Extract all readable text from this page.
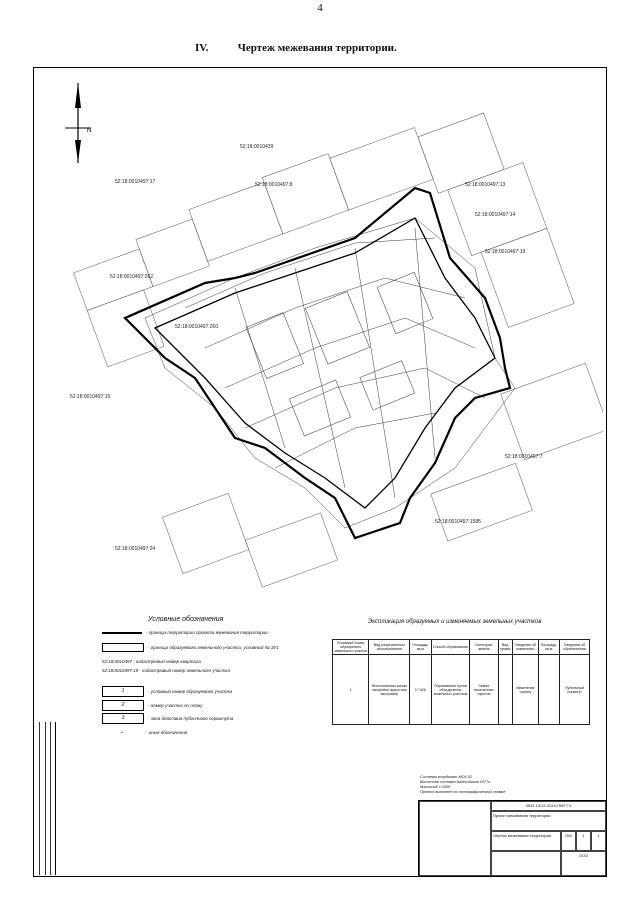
4
IV.	Чертеж межевания территории.
N
52:18:0010439
52:18:0010497:17	52:18:0010497:8	52:18:0010497:13
52:18:0010497:14
52:18:0010497:262
52:18:0010497:260
52:18:0010497:19
52:18:0010497:15
52:18:0010497:7
52:18:0010497:1585
52:18:0010497:24
Условные обозначения
- граница территории проекта межевания территории
- граница образуемого земельного участка, условный № ЗУ1
52:18:0010497 - кадастровый номер квартала
52:18:0010497:19 - кадастровый номер земельного участка
1	- условный номер образуемого участка
2	- номер участка по плану
3	- зона действия публичного сервитута
•	- иные обозначения
Экспликация образуемых и изменяемых земельных участков
Условный номер образуемого земельного участка	Вид разрешенного использования	Площадь, кв.м	Способ образования	Категория земель	Вид права	Сведения об изменении	Площадь, кв.м	Сведения об обременении
1	Многоэтажная жилая застройка (высотная застройка)	17 626	Образование путем объединения земельных участков	Земли населенных пунктов		Изменение границ		Публичный сервитут
Система координат МСК-52
Высотная система Балтийская 1977г.
Масштаб 1:1000
Проект выполнен по топографической съемке
3533.13/12-2019-ПМТ.ГЧ
Проект межевания территории
Чертеж межевания территории	ПМ	1	1
ООО
